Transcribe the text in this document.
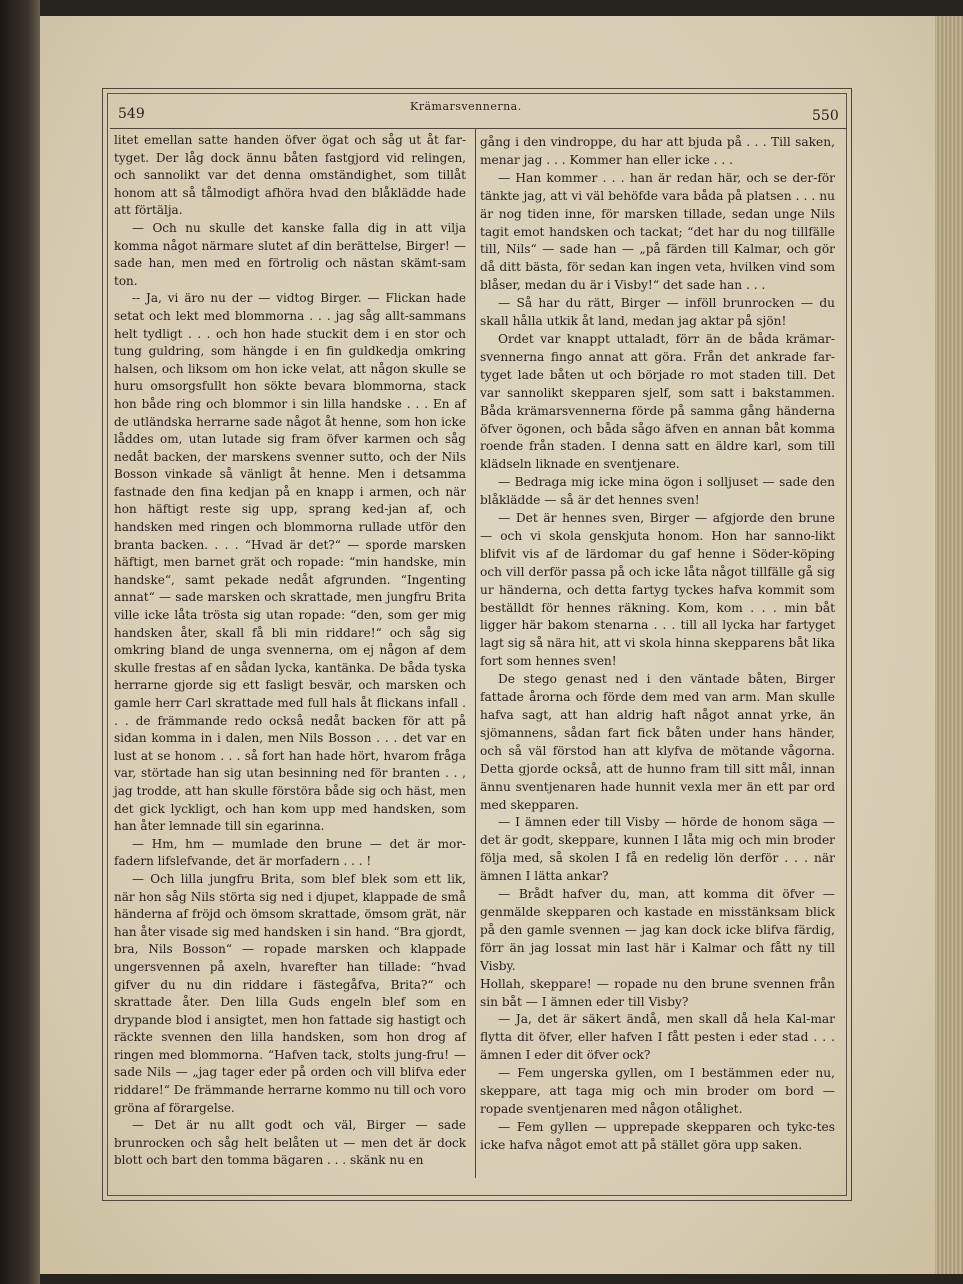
549	Krämarsvennerna.
550

litet emellan satte handen öfver ögat och såg ut åt far-tyget. Der låg dock ännu båten fastgjord vid relingen, och sannolikt var det denna omständighet, som tillåt honom att så tålmodigt afhöra hvad den blåklädde hade att förtälja.

— Och nu skulle det kanske falla dig in att vilja komma något närmare slutet af din berättelse, Birger! — sade han, men med en förtrolig och nästan skämt-sam ton.

-- Ja, vi äro nu der — vidtog Birger. — Flickan hade setat och lekt med blommorna . . . jag såg allt-sammans helt tydligt . . . och hon hade stuckit dem i en stor och tung guldring, som hängde i en fin guldkedja omkring halsen, och liksom om hon icke velat, att någon skulle se huru omsorgsfullt hon sökte bevara blommorna, stack hon både ring och blommor i sin lilla handske . . . En af de utländska herrarne sade något åt henne, som hon icke låddes om, utan lutade sig fram öfver karmen och såg nedåt backen, der marskens svenner sutto, och der Nils Bosson vinkade så vänligt åt henne. Men i detsamma fastnade den fina kedjan på en knapp i armen, och när hon häftigt reste sig upp, sprang ked-jan af, och handsken med ringen och blommorna rullade utför den branta backen. . . . “Hvad är det?“ — sporde marsken häftigt, men barnet grät och ropade: “min handske, min handske“, samt pekade nedåt afgrunden. “Ingenting annat“ — sade marsken och skrattade, men jungfru Brita ville icke låta trösta sig utan ropade: “den, som ger mig handsken åter, skall få bli min riddare!“ och såg sig omkring bland de unga svennerna, om ej någon af dem skulle frestas af en sådan lycka, kantänka. De båda tyska herrarne gjorde sig ett fasligt besvär, och marsken och gamle herr Carl skrattade med full hals åt flickans infall . . . de främmande redo också nedåt backen för att på sidan komma in i dalen, men Nils Bosson . . . det var en lust at se honom . . . så fort han hade hört, hvarom fråga var, störtade han sig utan besinning ned för branten . . , jag trodde, att han skulle förstöra både sig och häst, men det gick lyckligt, och han kom upp med handsken, som han åter lemnade till sin egarinna.

— Hm, hm — mumlade den brune — det är mor-fadern lifslefvande, det är morfadern . . . !

— Och lilla jungfru Brita, som blef blek som ett lik, när hon såg Nils störta sig ned i djupet, klappade de små händerna af fröjd och ömsom skrattade, ömsom grät, när han åter visade sig med handsken i sin hand. “Bra gjordt, bra, Nils Bosson“ — ropade marsken och klappade ungersvennen på axeln, hvarefter han tillade: “hvad gifver du nu din riddare i fästegåfva, Brita?“ och skrattade åter. Den lilla Guds engeln blef som en drypande blod i ansigtet, men hon fattade sig hastigt och räckte svennen den lilla handsken, som hon drog af ringen med blommorna. “Hafven tack, stolts jung-fru! — sade Nils — „jag tager eder på orden och vill blifva eder riddare!“ De främmande herrarne kommo nu till och voro gröna af förargelse.

— Det är nu allt godt och väl, Birger — sade brunrocken och såg helt belåten ut — men det är dock blott och bart den tomma bägaren . . . skänk nu en

gång i den vindroppe, du har att bjuda på . . . Till saken, menar jag . . . Kommer han eller icke . . .

— Han kommer . . . han är redan här, och se der-för tänkte jag, att vi väl behöfde vara båda på platsen . . . nu är nog tiden inne, för marsken tillade, sedan unge Nils tagit emot handsken och tackat; “det har du nog tillfälle till, Nils“ — sade han — „på färden till Kalmar, och gör då ditt bästa, för sedan kan ingen veta, hvilken vind som blåser, medan du är i Visby!“ det sade han . . .

— Så har du rätt, Birger — inföll brunrocken — du skall hålla utkik åt land, medan jag aktar på sjön!

Ordet var knappt uttaladt, förr än de båda krämar-svennerna fingo annat att göra. Från det ankrade far-tyget lade båten ut och började ro mot staden till. Det var sannolikt skepparen sjelf, som satt i bakstammen. Båda krämarsvennerna förde på samma gång händerna öfver ögonen, och båda sågo äfven en annan båt komma roende från staden. I denna satt en äldre karl, som till klädseln liknade en sventjenare.

— Bedraga mig icke mina ögon i solljuset — sade den blåklädde — så är det hennes sven!

— Det är hennes sven, Birger — afgjorde den brune — och vi skola genskjuta honom. Hon har sanno-likt blifvit vis af de lärdomar du gaf henne i Söder-köping och vill derför passa på och icke låta något tillfälle gå sig ur händerna, och detta fartyg tyckes hafva kommit som beställdt för hennes räkning. Kom, kom . . . min båt ligger här bakom stenarna . . . till all lycka har fartyget lagt sig så nära hit, att vi skola hinna skepparens båt lika fort som hennes sven!

De stego genast ned i den väntade båten, Birger fattade årorna och förde dem med van arm. Man skulle hafva sagt, att han aldrig haft något annat yrke, än sjömannens, sådan fart fick båten under hans händer, och så väl förstod han att klyfva de mötande vågorna. Detta gjorde också, att de hunno fram till sitt mål, innan ännu sventjenaren hade hunnit vexla mer än ett par ord med skepparen.

— I ämnen eder till Visby — hörde de honom säga — det är godt, skeppare, kunnen I låta mig och min broder följa med, så skolen I få en redelig lön derför . . . när ämnen I lätta ankar?

— Brådt hafver du, man, att komma dit öfver — genmälde skepparen och kastade en misstänksam blick på den gamle svennen — jag kan dock icke blifva färdig, förr än jag lossat min last här i Kalmar och fått ny till Visby.

Hollah, skeppare! — ropade nu den brune svennen från sin båt — I ämnen eder till Visby?

— Ja, det är säkert ändå, men skall då hela Kal-mar flytta dit öfver, eller hafven I fått pesten i eder stad . . . ämnen I eder dit öfver ock?

— Fem ungerska gyllen, om I bestämmen eder nu, skeppare, att taga mig och min broder om bord — ropade sventjenaren med någon otålighet.

— Fem gyllen — upprepade skepparen och tykc-tes icke hafva något emot att på stället göra upp saken.
